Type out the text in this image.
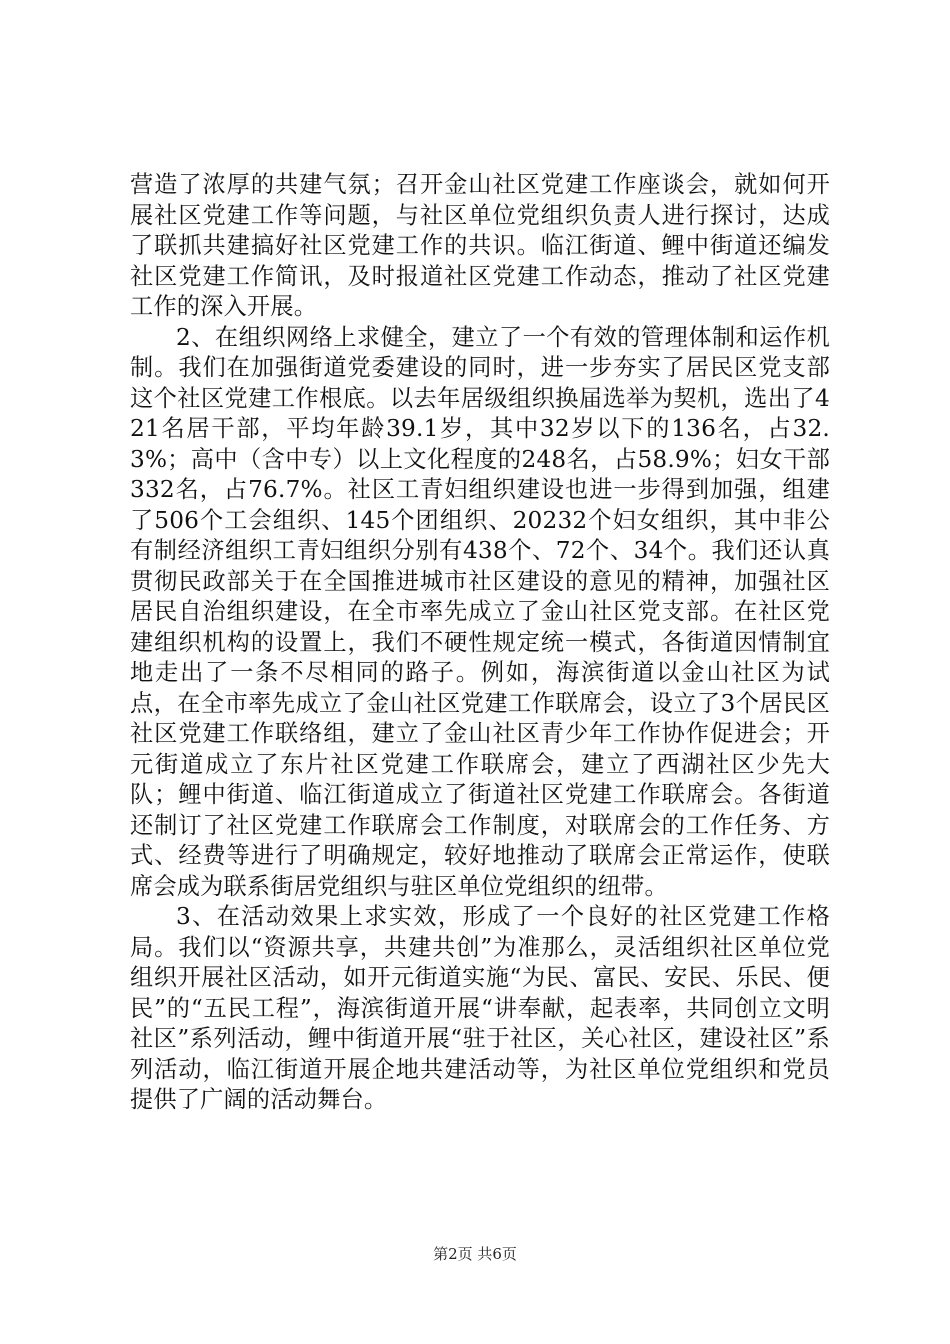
营造了浓厚的共建气氛；召开金山社区党建工作座谈会，就如何开展社区党建工作等问题，与社区单位党组织负责人进行探讨，达成了联抓共建搞好社区党建工作的共识。临江街道、鲤中街道还编发社区党建工作简讯，及时报道社区党建工作动态，推动了社区党建工作的深入开展。

2、在组织网络上求健全，建立了一个有效的管理体制和运作机制。我们在加强街道党委建设的同时，进一步夯实了居民区党支部这个社区党建工作根底。以去年居级组织换届选举为契机，选出了421名居干部，平均年龄39.1岁，其中32岁以下的136名，占32.3%；高中（含中专）以上文化程度的248名，占58.9%；妇女干部332名，占76.7%。社区工青妇组织建设也进一步得到加强，组建了506个工会组织、145个团组织、20232个妇女组织，其中非公有制经济组织工青妇组织分别有438个、72个、34个。我们还认真贯彻民政部关于在全国推进城市社区建设的意见的精神，加强社区居民自治组织建设，在全市率先成立了金山社区党支部。在社区党建组织机构的设置上，我们不硬性规定统一模式，各街道因情制宜地走出了一条不尽相同的路子。例如，海滨街道以金山社区为试点，在全市率先成立了金山社区党建工作联席会，设立了3个居民区社区党建工作联络组，建立了金山社区青少年工作协作促进会；开元街道成立了东片社区党建工作联席会，建立了西湖社区少先大队；鲤中街道、临江街道成立了街道社区党建工作联席会。各街道还制订了社区党建工作联席会工作制度，对联席会的工作任务、方式、经费等进行了明确规定，较好地推动了联席会正常运作，使联席会成为联系街居党组织与驻区单位党组织的纽带。

3、在活动效果上求实效，形成了一个良好的社区党建工作格局。我们以“资源共享，共建共创”为准那么，灵活组织社区单位党组织开展社区活动，如开元街道实施“为民、富民、安民、乐民、便民”的“五民工程”，海滨街道开展“讲奉献，起表率，共同创立文明社区”系列活动，鲤中街道开展“驻于社区，关心社区，建设社区”系列活动，临江街道开展企地共建活动等，为社区单位党组织和党员提供了广阔的活动舞台。

第2页 共6页
